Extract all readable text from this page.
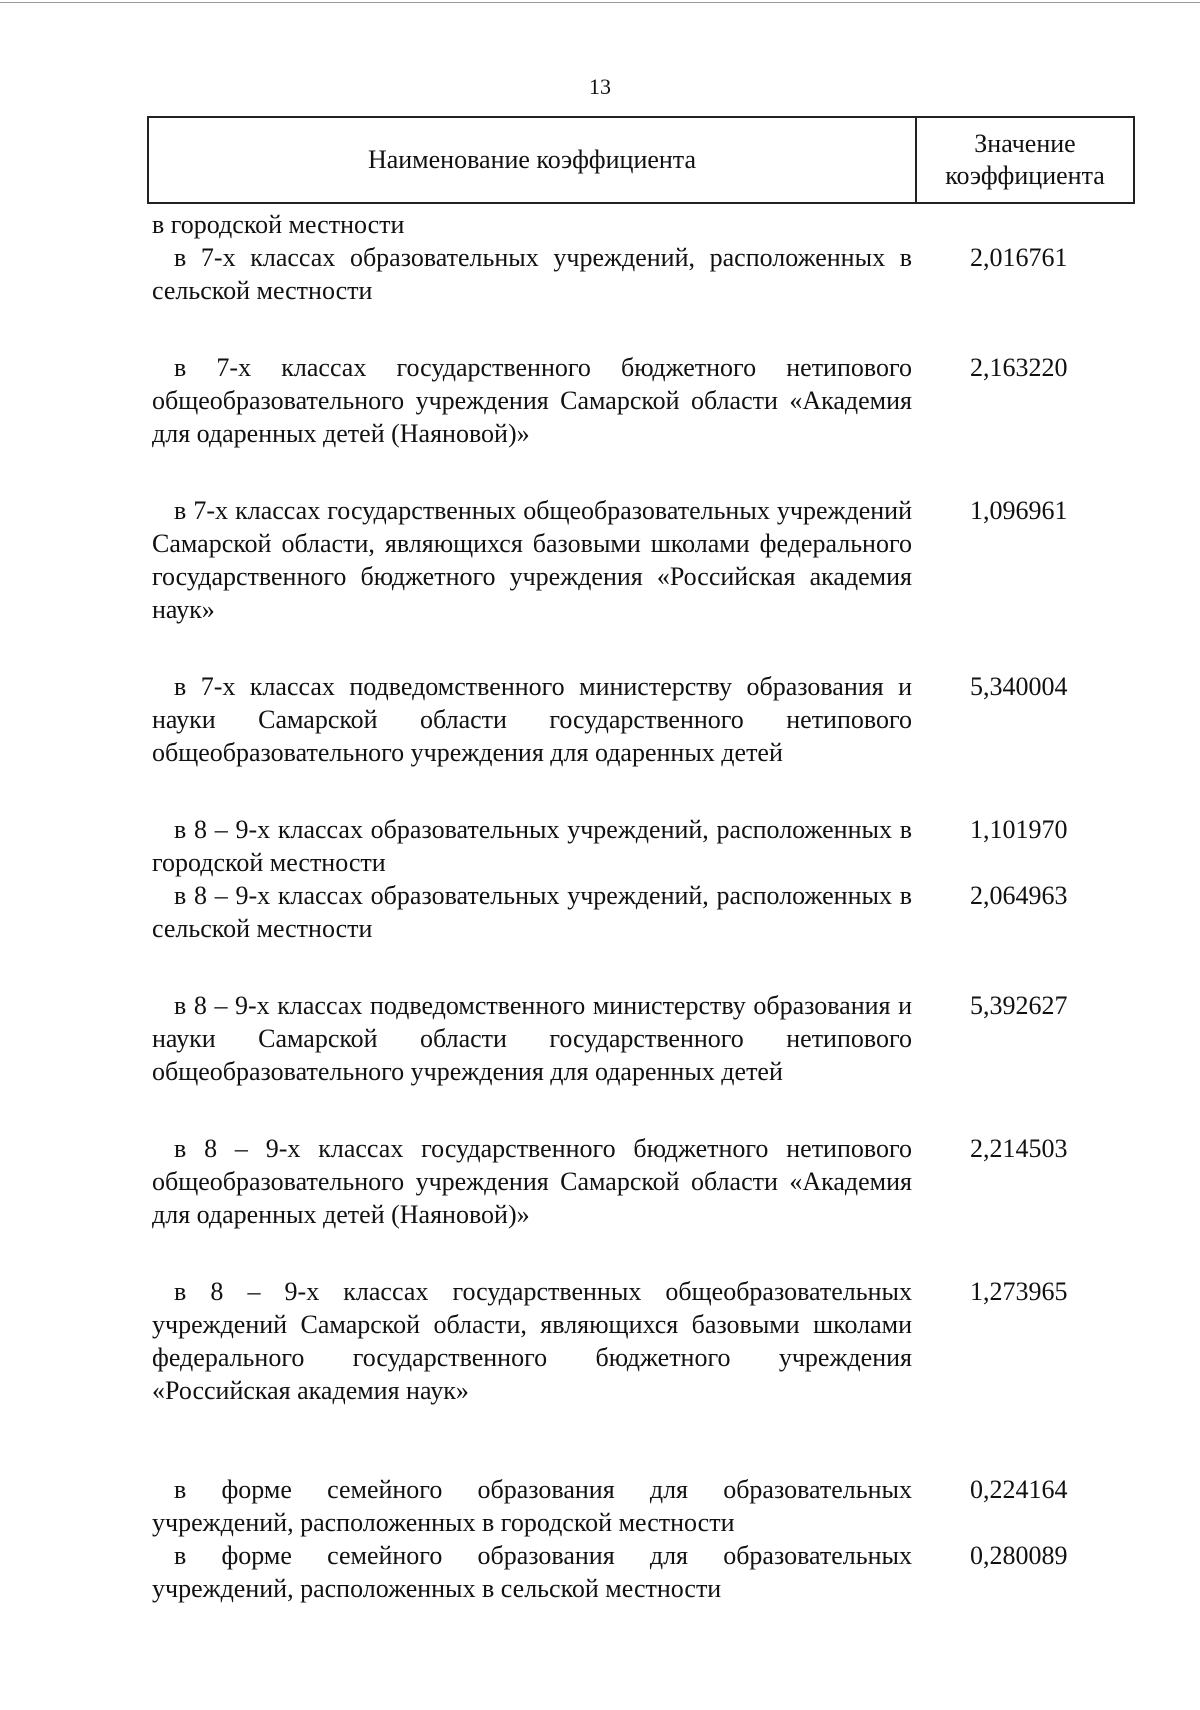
13
Наименование коэффициента
Значение
коэффициента
в городской местности
в 7-х классах образовательных учреждений, расположенных в сельской местности
2,016761
в 7-х классах государственного бюджетного нетипового общеобразовательного учреждения Самарской области «Академия для одаренных детей (Наяновой)»
2,163220
в 7-х классах государственных общеобразовательных учреждений Самарской области, являющихся базовыми школами федерального государственного бюджетного учреждения «Российская академия наук»
1,096961
в 7-х классах подведомственного министерству образования и науки Самарской области государственного нетипового общеобразовательного учреждения для одаренных детей
5,340004
в 8 – 9-х классах образовательных учреждений, расположенных в городской местности
1,101970
в 8 – 9-х классах образовательных учреждений, расположенных в сельской местности
2,064963
в 8 – 9-х классах подведомственного министерству образования и науки Самарской области государственного нетипового общеобразовательного учреждения для одаренных детей
5,392627
в 8 – 9-х классах государственного бюджетного нетипового общеобразовательного учреждения Самарской области «Академия для одаренных детей (Наяновой)»
2,214503
в 8 – 9-х классах государственных общеобразовательных учреждений Самарской области, являющихся базовыми школами федерального государственного бюджетного учреждения «Российская академия наук»
1,273965
в форме семейного образования для образовательных учреждений, расположенных в городской местности
0,224164
в форме семейного образования для образовательных учреждений, расположенных в сельской местности
0,280089
